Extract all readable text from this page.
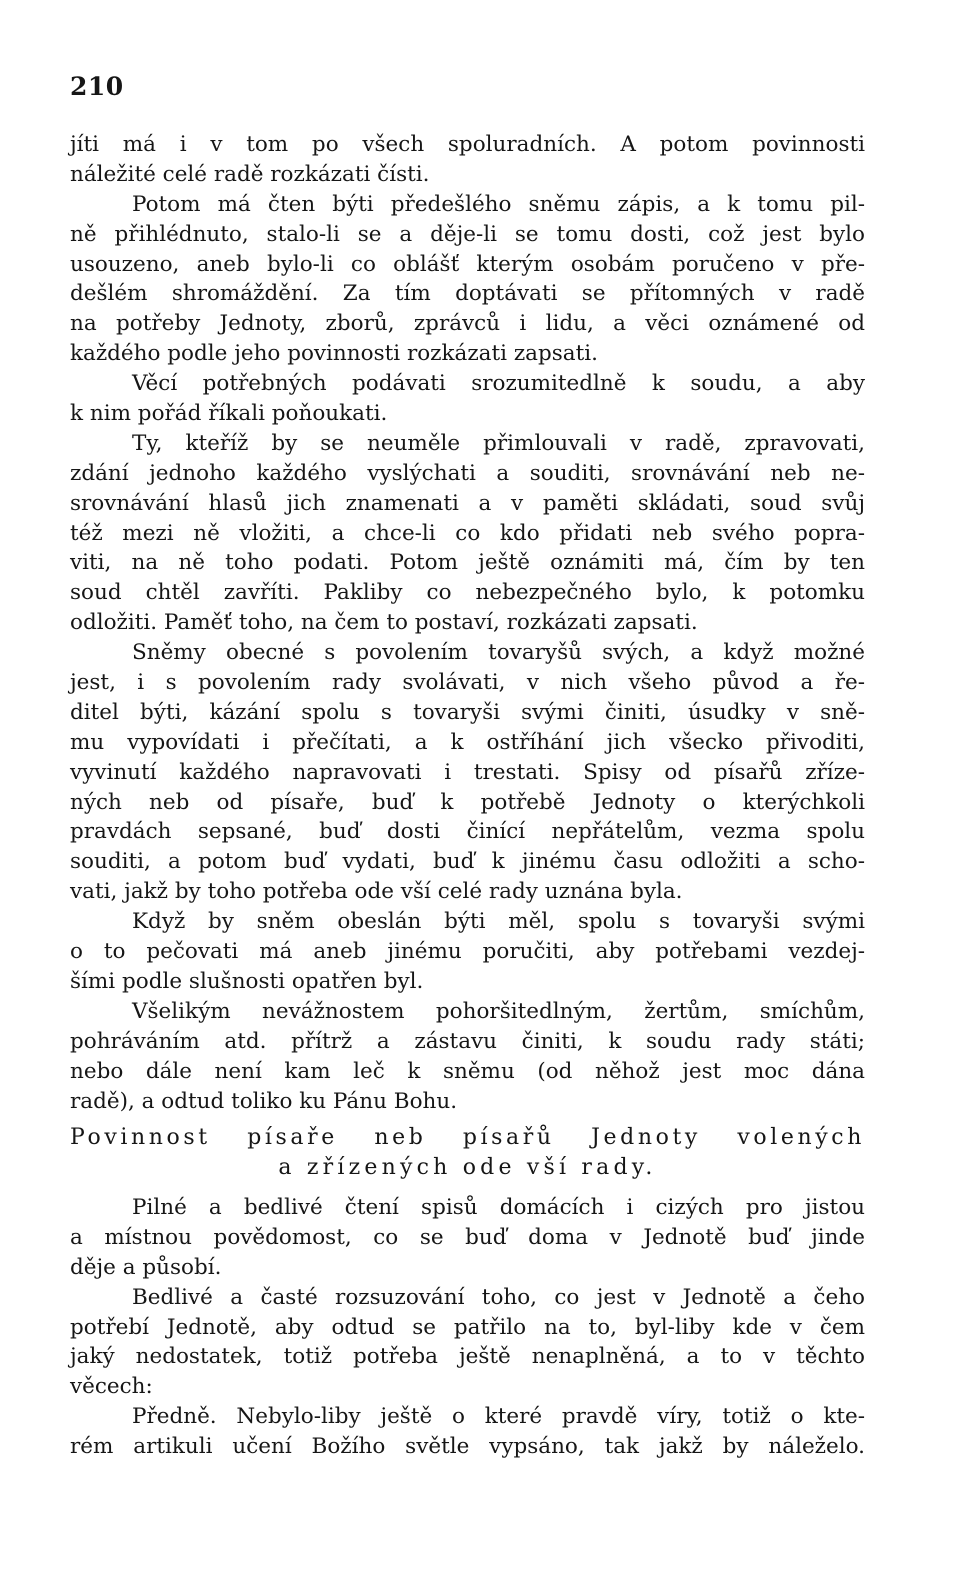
210
jíti má i v tom po všech spoluradních. A potom povinnosti
náležité celé radě rozkázati čísti.
Potom má čten býti předešlého sněmu zápis, a k tomu pil-
ně přihlédnuto, stalo-li se a děje-li se tomu dosti, což jest bylo
usouzeno, aneb bylo-li co oblášť kterým osobám poručeno v pře-
dešlém shromáždění. Za tím doptávati se přítomných v radě
na potřeby Jednoty, zborů, zprávců i lidu, a věci oznámené od
každého podle jeho povinnosti rozkázati zapsati.
Věcí potřebných podávati srozumitedlně k soudu, a aby
k nim pořád říkali poňoukati.
Ty, kteříž by se neuměle přimlouvali v radě, zpravovati,
zdání jednoho každého vyslýchati a souditi, srovnávání neb ne-
srovnávání hlasů jich znamenati a v paměti skládati, soud svůj
též mezi ně vložiti, a chce-li co kdo přidati neb svého popra-
viti, na ně toho podati. Potom ještě oznámiti má, čím by ten
soud chtěl zavříti. Pakliby co nebezpečného bylo, k potomku
odložiti. Paměť toho, na čem to postaví, rozkázati zapsati.
Sněmy obecné s povolením tovaryšů svých, a když možné
jest, i s povolením rady svolávati, v nich všeho původ a ře-
ditel býti, kázání spolu s tovaryši svými činiti, úsudky v sně-
mu vypovídati i přečítati, a k ostříhání jich všecko přivoditi,
vyvinutí každého napravovati i trestati. Spisy od písařů zříze-
ných neb od písaře, buď k potřebě Jednoty o kterýchkoli
pravdách sepsané, buď dosti činící nepřátelům, vezma spolu
souditi, a potom buď vydati, buď k jinému času odložiti a scho-
vati, jakž by toho potřeba ode vší celé rady uznána byla.
Když by sněm obeslán býti měl, spolu s tovaryši svými
o to pečovati má aneb jinému poručiti, aby potřebami vezdej-
šími podle slušnosti opatřen byl.
Všelikým nevážnostem pohoršitedlným, žertům, smíchům,
pohráváním atd. přítrž a zástavu činiti, k soudu rady státi;
nebo dále není kam leč k sněmu (od něhož jest moc dána
radě), a odtud toliko ku Pánu Bohu.
Povinnost písaře neb písařů Jednoty volených
a zřízených ode vší rady.
Pilné a bedlivé čtení spisů domácích i cizých pro jistou
a místnou povědomost, co se buď doma v Jednotě buď jinde
děje a působí.
Bedlivé a časté rozsuzování toho, co jest v Jednotě a čeho
potřebí Jednotě, aby odtud se patřilo na to, byl-liby kde v čem
jaký nedostatek, totiž potřeba ještě nenaplněná, a to v těchto
věcech:
Předně. Nebylo-liby ještě o které pravdě víry, totiž o kte-
rém artikuli učení Božího světle vypsáno, tak jakž by náleželo.
